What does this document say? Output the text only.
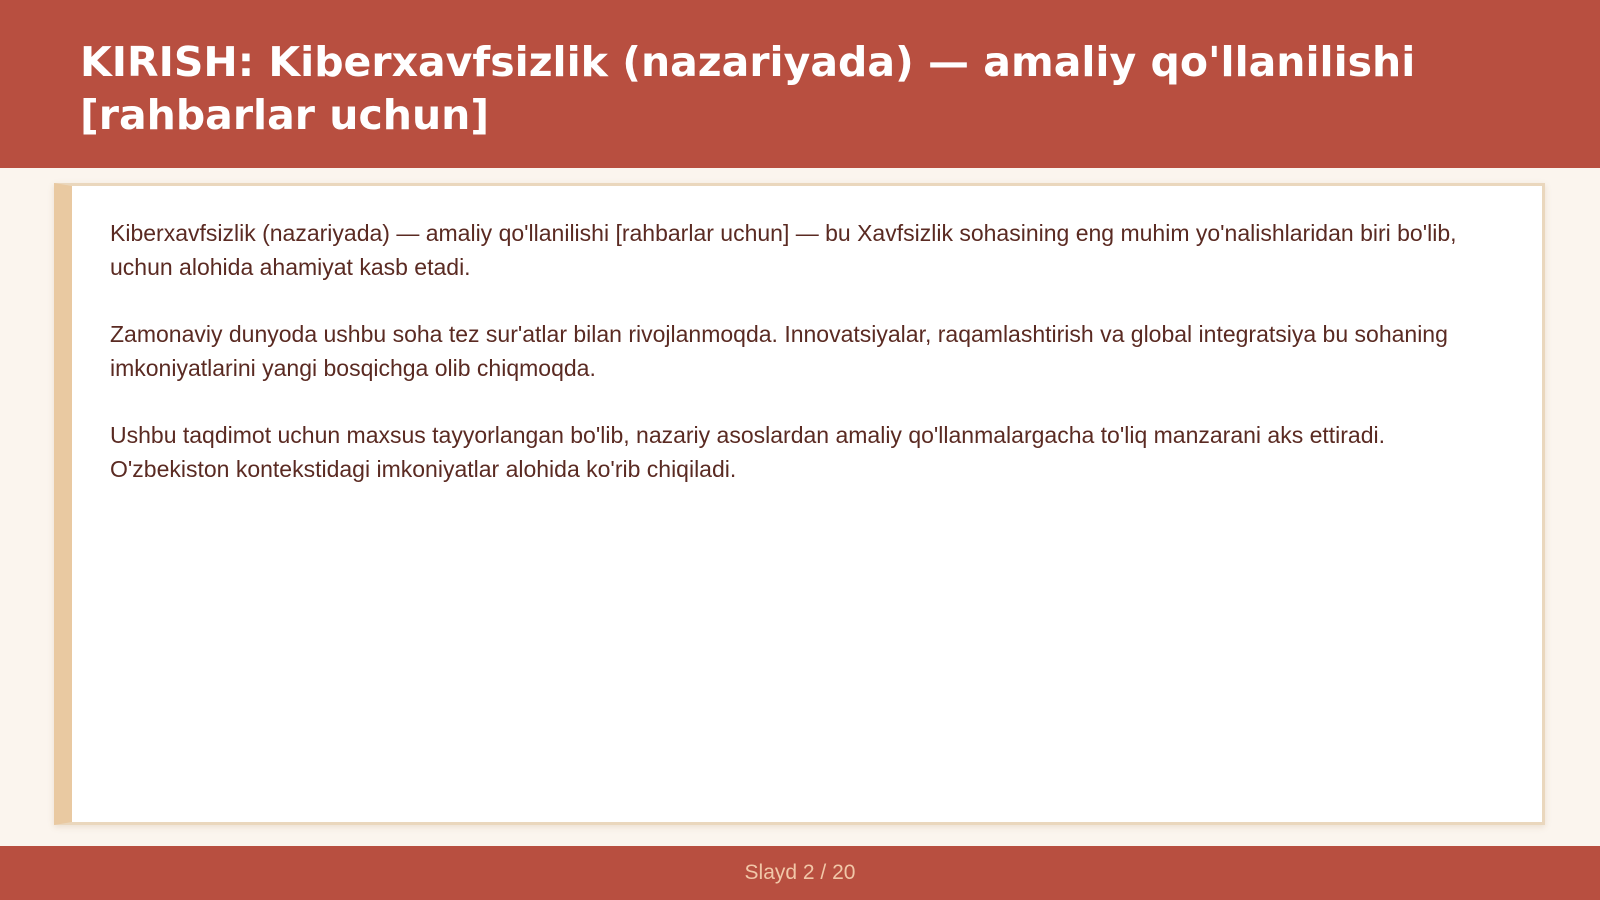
KIRISH: Kiberxavfsizlik (nazariyada) — amaliy qo'llanilishi [rahbarlar uchun]

Kiberxavfsizlik (nazariyada) — amaliy qo'llanilishi [rahbarlar uchun] — bu Xavfsizlik sohasining eng muhim yo'nalishlaridan biri bo'lib, uchun alohida ahamiyat kasb etadi.

Zamonaviy dunyoda ushbu soha tez sur'atlar bilan rivojlanmoqda. Innovatsiyalar, raqamlashtirish va global integratsiya bu sohaning imkoniyatlarini yangi bosqichga olib chiqmoqda.

Ushbu taqdimot uchun maxsus tayyorlangan bo'lib, nazariy asoslardan amaliy qo'llanmalargacha to'liq manzarani aks ettiradi. O'zbekiston kontekstidagi imkoniyatlar alohida ko'rib chiqiladi.

Slayd 2 / 20
